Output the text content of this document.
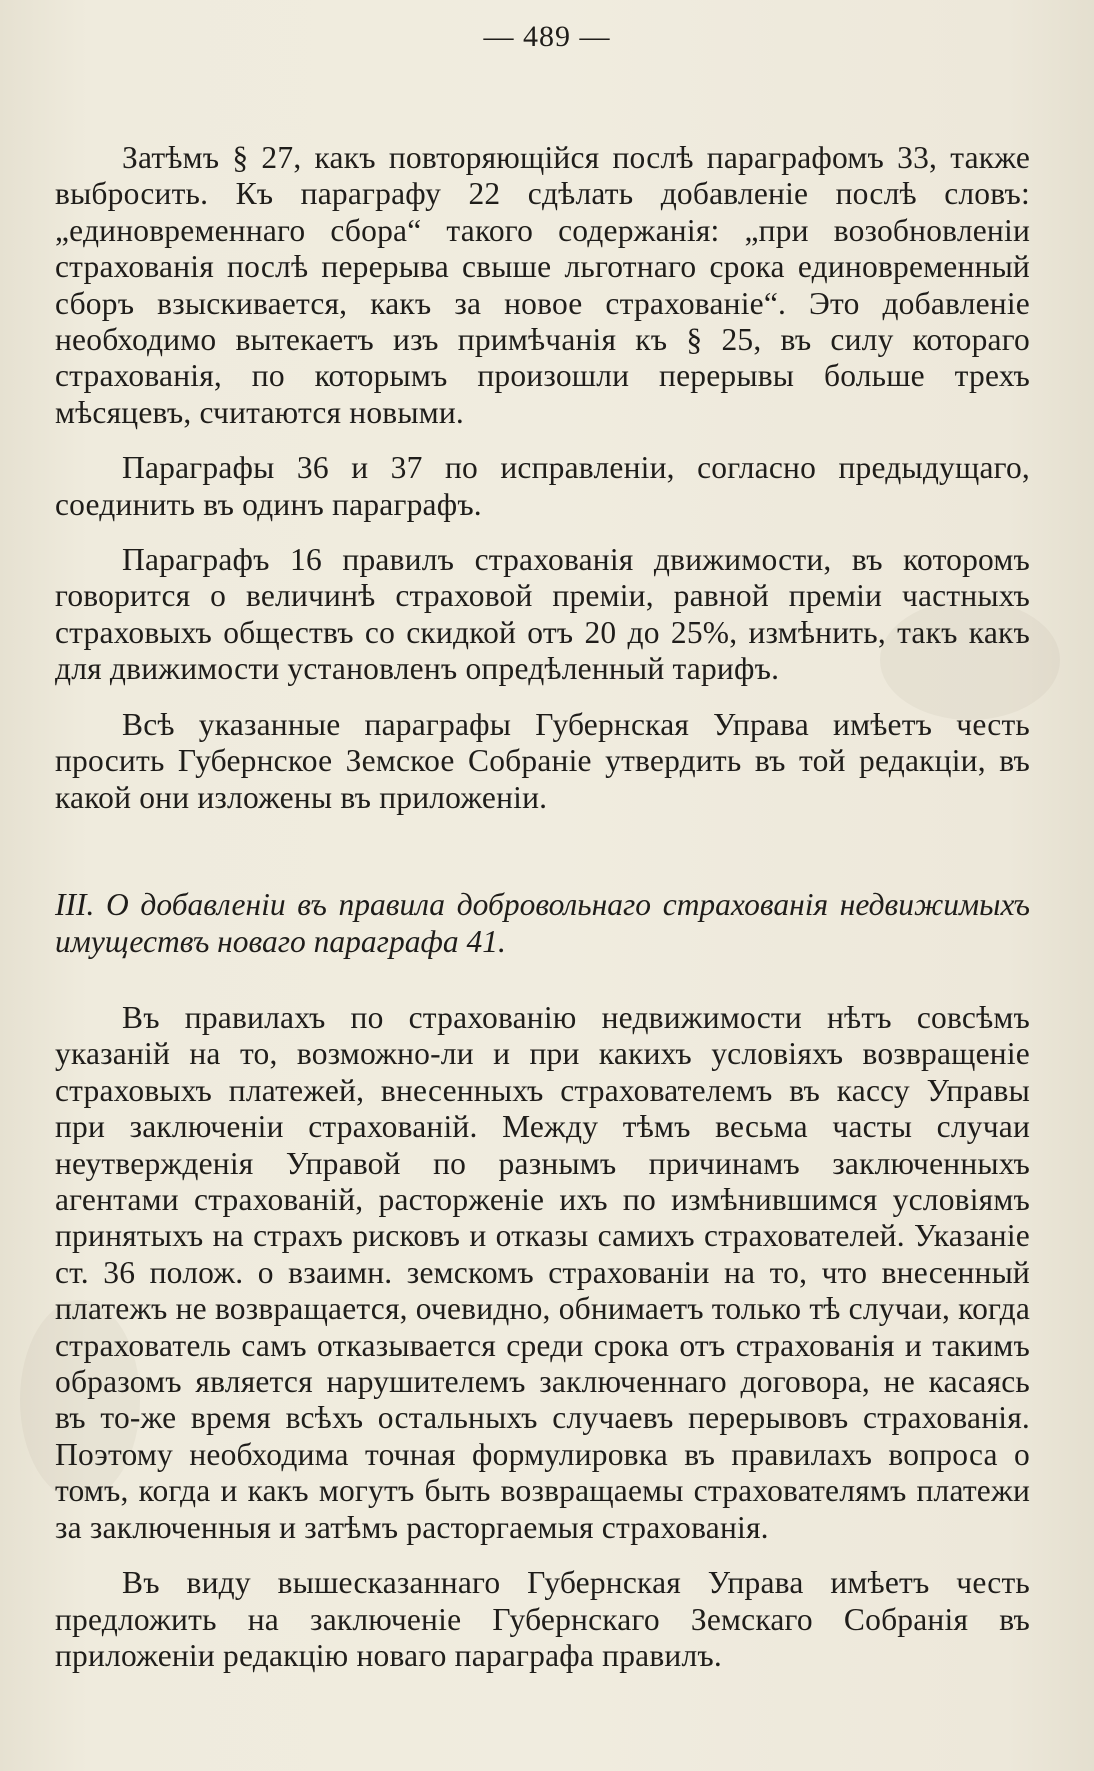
— 489 —

Затѣмъ § 27, какъ повторяющійся послѣ параграфомъ 33, также выбросить. Къ параграфу 22 сдѣлать добавленіе послѣ словъ: „единовременнаго сбора“ такого содержанія: „при возобновленіи страхованія послѣ перерыва свыше льготнаго срока единовременный сборъ взыскивается, какъ за новое страхованіе“. Это добавленіе необходимо вытекаетъ изъ примѣчанія къ § 25, въ силу котораго страхованія, по которымъ произошли перерывы больше трехъ мѣсяцевъ, считаются новыми.

Параграфы 36 и 37 по исправленіи, согласно предыдущаго, соединить въ одинъ параграфъ.

Параграфъ 16 правилъ страхованія движимости, въ которомъ говорится о величинѣ страховой преміи, равной преміи частныхъ страховыхъ обществъ со скидкой отъ 20 до 25%, измѣнить, такъ какъ для движимости установленъ опредѣленный тарифъ.

Всѣ указанные параграфы Губернская Управа имѣетъ честь просить Губернское Земское Собраніе утвердить въ той редакціи, въ какой они изложены въ приложеніи.

III. О добавленіи въ правила добровольнаго страхованія недвижимыхъ имуществъ новаго параграфа 41.

Въ правилахъ по страхованію недвижимости нѣтъ совсѣмъ указаній на то, возможно-ли и при какихъ условіяхъ возвращеніе страховыхъ платежей, внесенныхъ страхователемъ въ кассу Управы при заключеніи страхованій. Между тѣмъ весьма часты случаи неутвержденія Управой по разнымъ причинамъ заключенныхъ агентами страхованій, расторженіе ихъ по измѣнившимся условіямъ принятыхъ на страхъ рисковъ и отказы самихъ страхователей. Указаніе ст. 36 полож. о взаимн. земскомъ страхованіи на то, что внесенный платежъ не возвращается, очевидно, обнимаетъ только тѣ случаи, когда страхователь самъ отказывается среди срока отъ страхованія и такимъ образомъ является нарушителемъ заключеннаго договора, не касаясь въ то-же время всѣхъ остальныхъ случаевъ перерывовъ страхованія. Поэтому необходима точная формулировка въ правилахъ вопроса о томъ, когда и какъ могутъ быть возвращаемы страхователямъ платежи за заключенныя и затѣмъ расторгаемыя страхованія.

Въ виду вышесказаннаго Губернская Управа имѣетъ честь предложить на заключеніе Губернскаго Земскаго Собранія въ приложеніи редакцію новаго параграфа правилъ.
